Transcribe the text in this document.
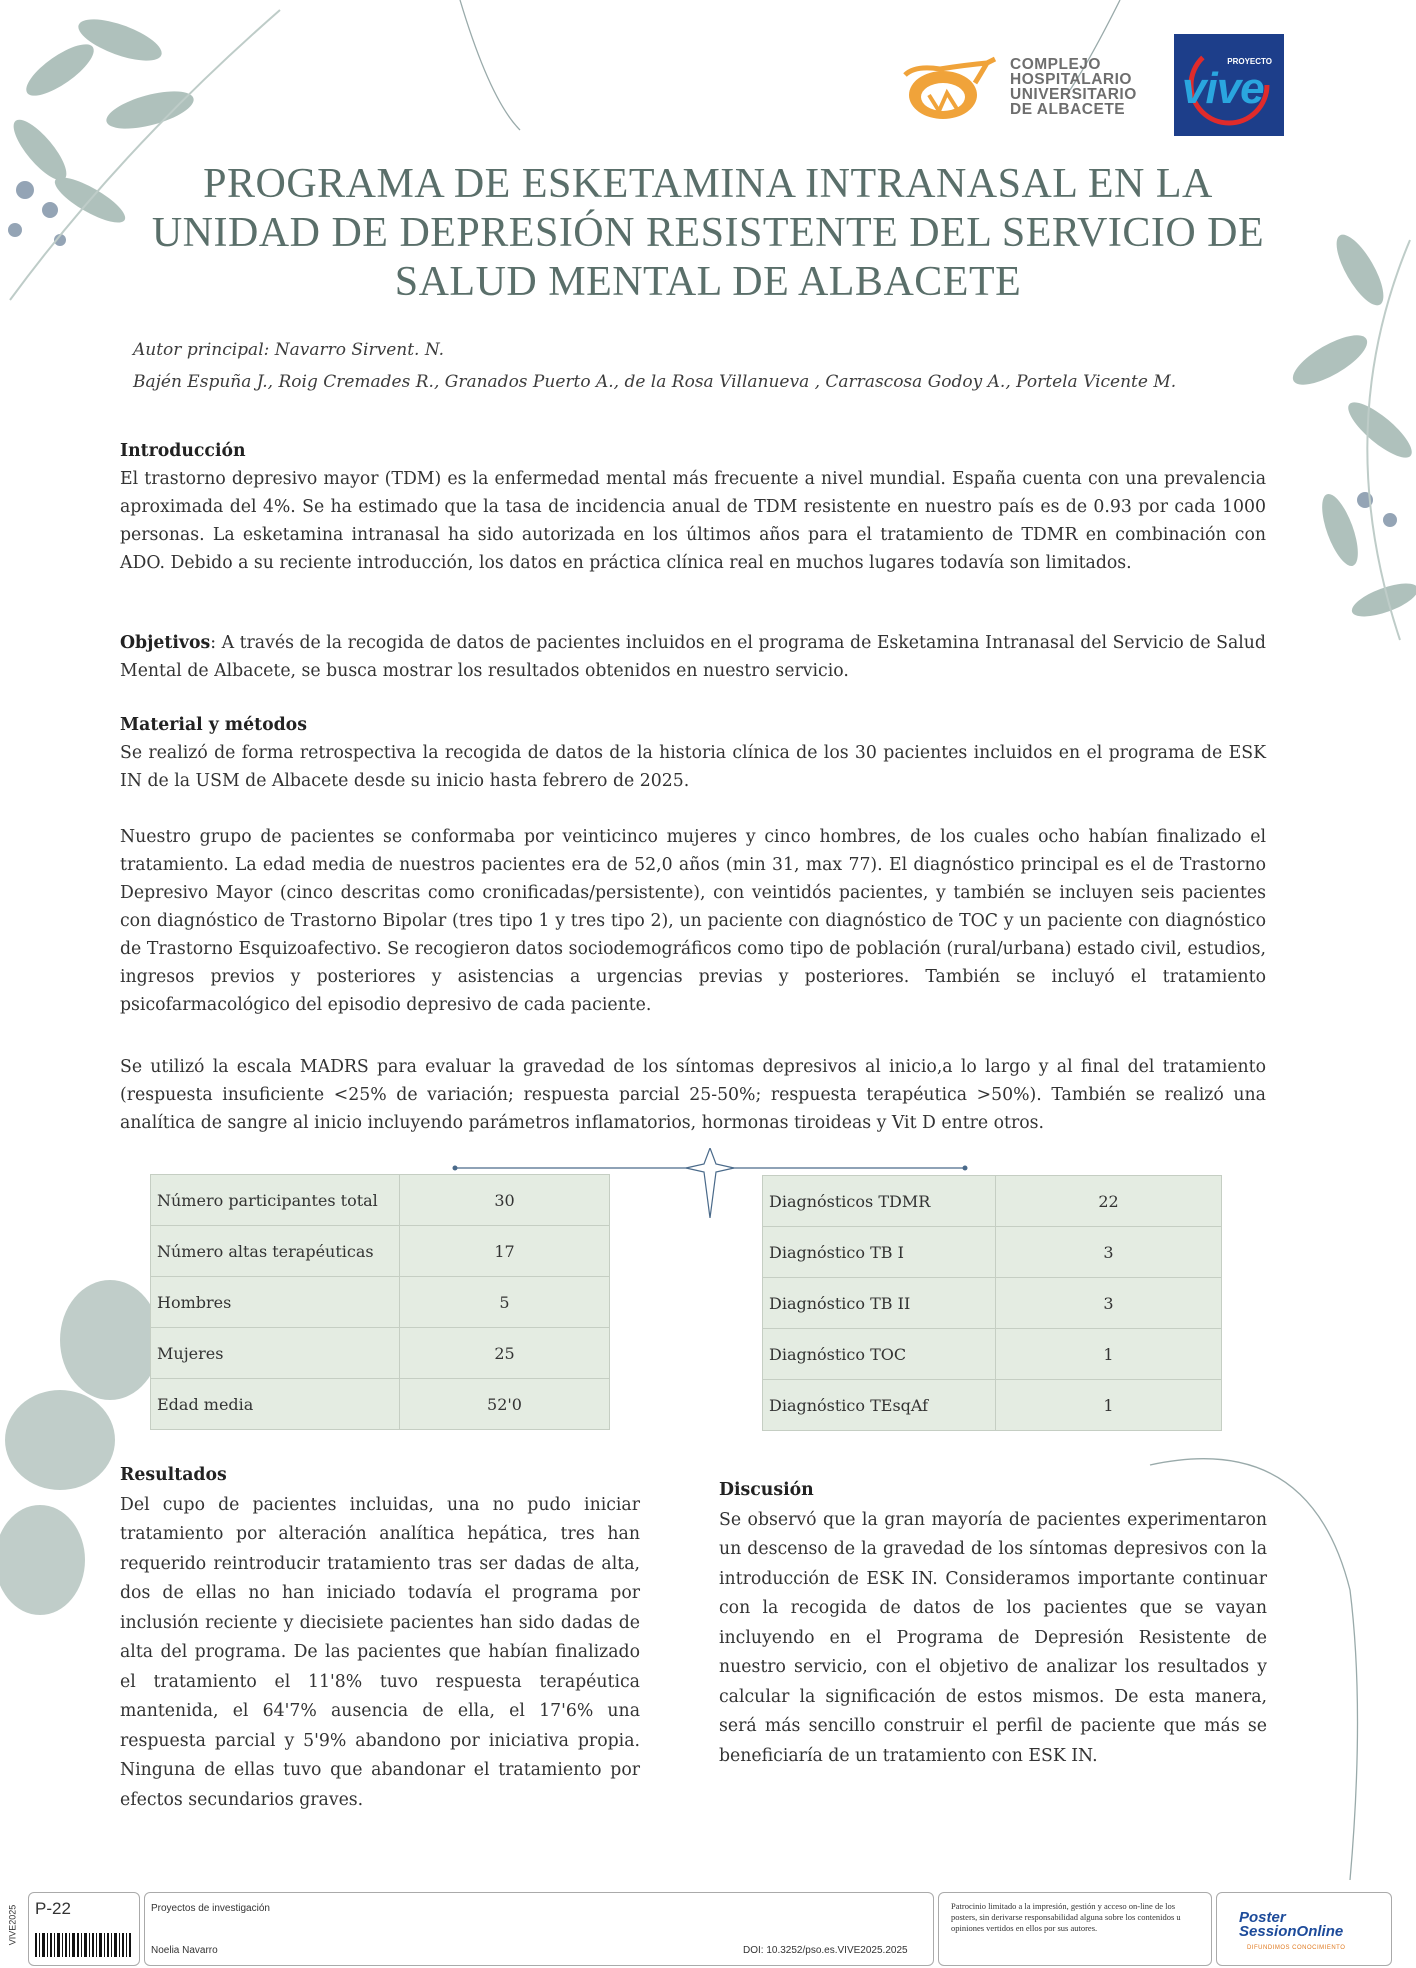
COMPLEJO
HOSPITALARIO
UNIVERSITARIO
DE ALBACETE
PROYECTO
vive
PROGRAMA DE ESKETAMINA INTRANASAL EN LA
UNIDAD DE DEPRESIÓN RESISTENTE DEL SERVICIO DE
SALUD MENTAL DE ALBACETE
Autor principal: Navarro Sirvent. N.
Bajén Espuña J., Roig Cremades R., Granados Puerto A., de la Rosa Villanueva , Carrascosa Godoy A., Portela Vicente M.
Introducción
El trastorno depresivo mayor (TDM) es la enfermedad mental más frecuente a nivel mundial. España cuenta con una prevalencia aproximada del 4%. Se ha estimado que la tasa de incidencia anual de TDM resistente en nuestro país es de 0.93 por cada 1000 personas. La esketamina intranasal ha sido autorizada en los últimos años para el tratamiento de TDMR en combinación con ADO. Debido a su reciente introducción, los datos en práctica clínica real en muchos lugares todavía son limitados.
Objetivos: A través de la recogida de datos de pacientes incluidos en el programa de Esketamina Intranasal del Servicio de Salud Mental de Albacete, se busca mostrar los resultados obtenidos en nuestro servicio.
Material y métodos
Se realizó de forma retrospectiva la recogida de datos de la historia clínica de los 30 pacientes incluidos en el programa de ESK IN de la USM de Albacete desde su inicio hasta febrero de 2025.
Nuestro grupo de pacientes se conformaba por veinticinco mujeres y cinco hombres, de los cuales ocho habían finalizado el tratamiento. La edad media de nuestros pacientes era de 52,0 años (min 31, max 77). El diagnóstico principal es el de Trastorno Depresivo Mayor (cinco descritas como cronificadas/persistente), con veintidós pacientes, y también se incluyen seis pacientes con diagnóstico de Trastorno Bipolar (tres tipo 1 y tres tipo 2), un paciente con diagnóstico de TOC y un paciente con diagnóstico de Trastorno Esquizoafectivo. Se recogieron datos sociodemográficos como tipo de población (rural/urbana) estado civil, estudios, ingresos previos y posteriores y asistencias a urgencias previas y posteriores. También se incluyó el tratamiento psicofarmacológico del episodio depresivo de cada paciente.
Se utilizó la escala MADRS para evaluar la gravedad de los síntomas depresivos al inicio,a lo largo y al final del tratamiento (respuesta insuficiente <25% de variación; respuesta parcial 25-50%; respuesta terapéutica >50%). También se realizó una analítica de sangre al inicio incluyendo parámetros inflamatorios, hormonas tiroideas y Vit D entre otros.
Número participantes total	30
Número altas terapéuticas	17
Hombres	5
Mujeres	25
Edad media	52'0
Diagnósticos TDMR	22
Diagnóstico TB I	3
Diagnóstico TB II	3
Diagnóstico TOC	1
Diagnóstico TEsqAf	1
Resultados
Del cupo de pacientes incluidas, una no pudo iniciar tratamiento por alteración analítica hepática, tres han requerido reintroducir tratamiento tras ser dadas de alta, dos de ellas no han iniciado todavía el programa por inclusión reciente y diecisiete pacientes han sido dadas de alta del programa. De las pacientes que habían finalizado el tratamiento el 11'8% tuvo respuesta terapéutica mantenida, el 64'7% ausencia de ella, el 17'6% una respuesta parcial y 5'9% abandono por iniciativa propia. Ninguna de ellas tuvo que abandonar el tratamiento por efectos secundarios graves.
Discusión
Se observó que la gran mayoría de pacientes experimentaron un descenso de la gravedad de los síntomas depresivos con la introducción de ESK IN. Consideramos importante continuar con la recogida de datos de los pacientes que se vayan incluyendo en el Programa de Depresión Resistente de nuestro servicio, con el objetivo de analizar los resultados y calcular la significación de estos mismos. De esta manera, será más sencillo construir el perfil de paciente que más se beneficiaría de un tratamiento con ESK IN.
VIVE2025 P-22	Proyectos de investigación
Noelia Navarro	DOI: 10.3252/pso.es.VIVE2025.2025
Patrocinio limitado a la impresión, gestión y acceso on-line de los posters, sin derivarse responsabilidad alguna sobre los contenidos u opiniones vertidos en ellos por sus autores.
Poster
SessionOnline
DIFUNDIMOS CONOCIMIENTO
